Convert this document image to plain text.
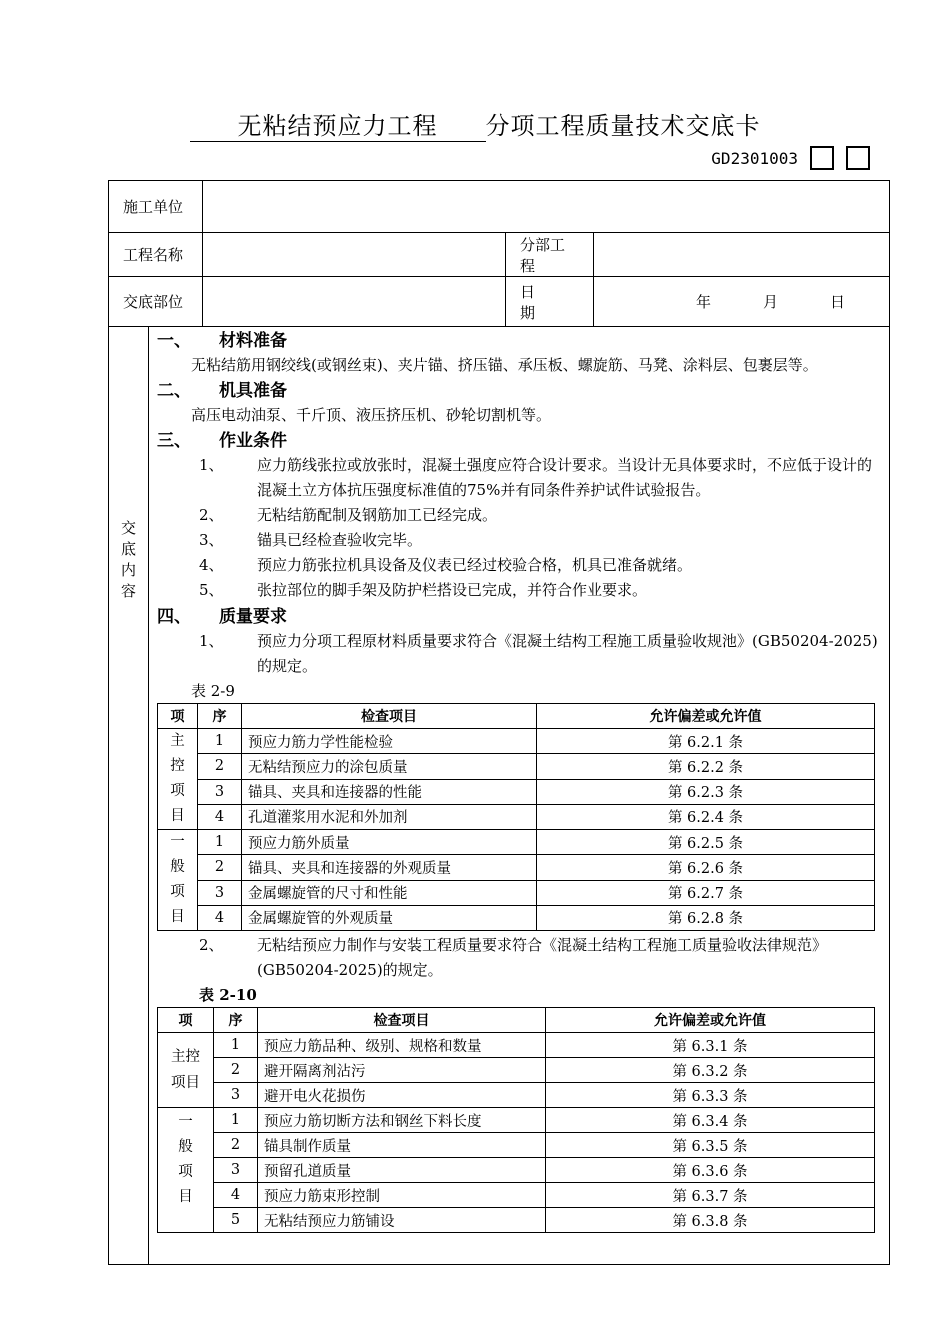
无粘结预应力工程 分项工程质量技术交底卡
GD2301003
施工单位	
工程名称		分部工程	
交底部位		日　　期	
年	月	日

交
底
内
容

一、 材料准备
无粘结筋用钢绞线(或钢丝束)、夹片锚、挤压锚、承压板、螺旋筋、马凳、涂料层、包裹层等。
二、 机具准备
高压电动油泵、千斤顶、液压挤压机、砂轮切割机等。
三、 作业条件
1、	应力筋线张拉或放张时，混凝土强度应符合设计要求。当设计无具体要求时，不应低于设计的混凝土立方体抗压强度标准值的75%并有同条件养护试件试验报告。
2、	无粘结筋配制及钢筋加工已经完成。
3、	锚具已经检查验收完毕。
4、	预应力筋张拉机具设备及仪表已经过校验合格，机具已准备就绪。
5、	张拉部位的脚手架及防护栏搭设已完成，并符合作业要求。
四、 质量要求
1、	预应力分项工程原材料质量要求符合《混凝土结构工程施工质量验收规池》(GB50204-2025)的规定。
表 2-9
项	序	检查项目	允许偏差或允许值
主
控
项
目	1	预应力筋力学性能检验	第 6.2.1 条
2	无粘结预应力的涂包质量	第 6.2.2 条
3	锚具、夹具和连接器的性能	第 6.2.3 条
4	孔道灌浆用水泥和外加剂	第 6.2.4 条
一
般
项
目	1	预应力筋外质量	第 6.2.5 条
2	锚具、夹具和连接器的外观质量	第 6.2.6 条
3	金属螺旋管的尺寸和性能	第 6.2.7 条
4	金属螺旋管的外观质量	第 6.2.8 条
2、	无粘结预应力制作与安装工程质量要求符合《混凝土结构工程施工质量验收法律规范》 (GB50204-2025)的规定。
表 2-10
项	序	检查项目	允许偏差或允许值
主控
项目	1	预应力筋品种、级别、规格和数量	第 6.3.1 条
2	避开隔离剂沾污	第 6.3.2 条
3	避开电火花损伤	第 6.3.3 条
一
般
项
目	1	预应力筋切断方法和钢丝下料长度	第 6.3.4 条
2	锚具制作质量	第 6.3.5 条
3	预留孔道质量	第 6.3.6 条
4	预应力筋束形控制	第 6.3.7 条
5	无粘结预应力筋铺设	第 6.3.8 条
